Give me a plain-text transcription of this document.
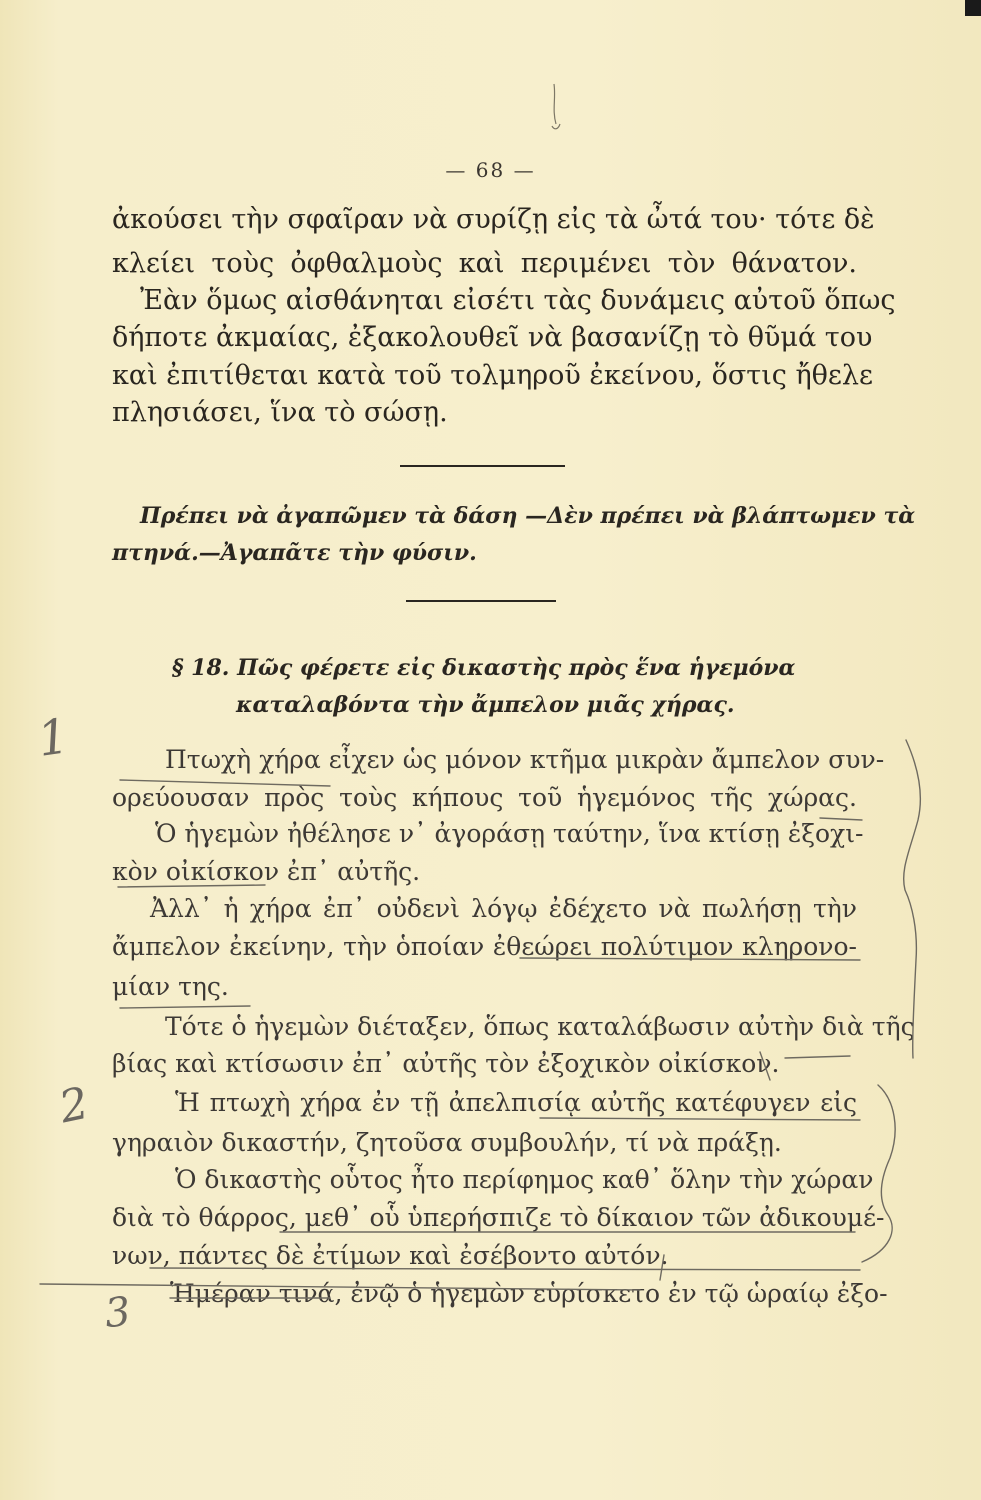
— 68 —
ἀκούσει τὴν σφαῖραν νὰ συρίζῃ εἰς τὰ ὦτά του· τότε δὲ
κλείει τοὺς ὀφθαλμοὺς καὶ περιμένει τὸν θάνατον.
Ἐὰν ὅμως αἰσθάνηται εἰσέτι τὰς δυνάμεις αὐτοῦ ὅπως
δήποτε ἀκμαίας, ἐξακολουθεῖ νὰ βασανίζῃ τὸ θῦμά του
καὶ ἐπιτίθεται κατὰ τοῦ τολμηροῦ ἐκείνου, ὅστις ἤθελε
πλησιάσει, ἵνα τὸ σώσῃ.
Πρέπει νὰ ἀγαπῶμεν τὰ δάση —Δὲν πρέπει νὰ βλάπτωμεν τὰ
πτηνά.—Ἀγαπᾶτε τὴν φύσιν.
§ 18. Πῶς φέρετε εἰς δικαστὴς πρὸς ἕνα ἡγεμόνα
καταλαβόντα τὴν ἄμπελον μιᾶς χήρας.
Πτωχὴ χήρα εἶχεν ὡς μόνον κτῆμα μικρὰν ἄμπελον συν-
ορεύουσαν πρὸς τοὺς κήπους τοῦ ἡγεμόνος τῆς χώρας.
Ὁ ἡγεμὼν ἠθέλησε ν᾿ ἀγοράσῃ ταύτην, ἵνα κτίσῃ ἐξοχι-
κὸν οἰκίσκον ἐπ᾿ αὐτῆς.
Ἀλλ᾿ ἡ χήρα ἐπ᾿ οὐδενὶ λόγῳ ἐδέχετο νὰ πωλήσῃ τὴν
ἄμπελον ἐκείνην, τὴν ὁποίαν ἐθεώρει πολύτιμον κληρονο-
μίαν της.
Τότε ὁ ἡγεμὼν διέταξεν, ὅπως καταλάβωσιν αὐτὴν διὰ τῆς
βίας καὶ κτίσωσιν ἐπ᾿ αὐτῆς τὸν ἐξοχικὸν οἰκίσκον.
Ἡ πτωχὴ χήρα ἐν τῇ ἀπελπισίᾳ αὐτῆς κατέφυγεν εἰς
γηραιὸν δικαστήν, ζητοῦσα συμβουλήν, τί νὰ πράξῃ.
Ὁ δικαστὴς οὗτος ἦτο περίφημος καθ᾿ ὅλην τὴν χώραν
διὰ τὸ θάρρος, μεθ᾿ οὗ ὑπερήσπιζε τὸ δίκαιον τῶν ἀδικουμέ-
νων, πάντες δὲ ἐτίμων καὶ ἐσέβοντο αὐτόν.
Ἡμέραν τινά, ἐνῷ ὁ ἡγεμὼν εὑρίσκετο ἐν τῷ ὡραίῳ ἐξο-
1
2
3
